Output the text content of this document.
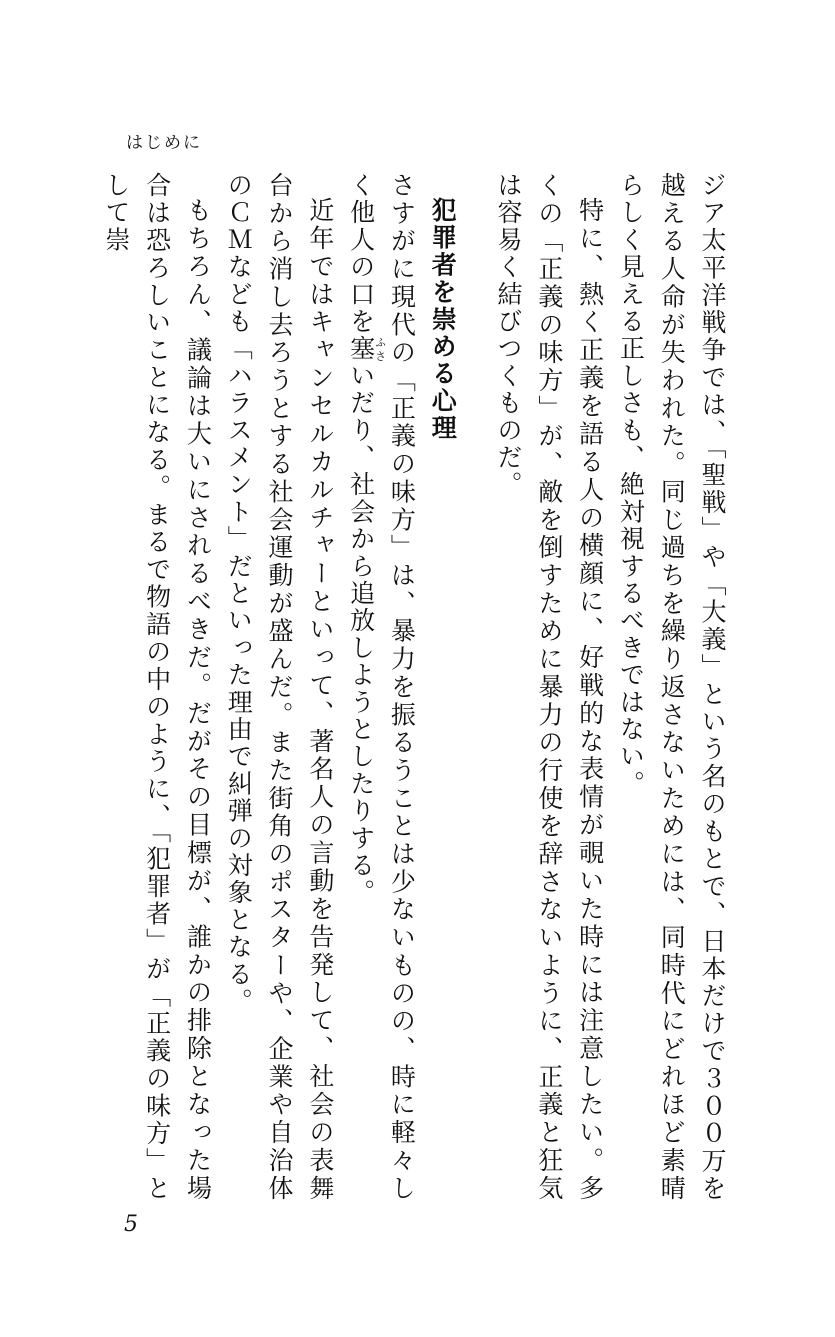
はじめに

ジア太平洋戦争では、「聖戦」や「大義」という名のもとで、日本だけで３００万を越える人命が失われた。同じ過ちを繰り返さないためには、同時代にどれほど素晴らしく見える正しさも、絶対視するべきではない。

特に、熱く正義を語る人の横顔に、好戦的な表情が覗いた時には注意したい。多くの「正義の味方」が、敵を倒すために暴力の行使を辞さないように、正義と狂気は容易く結びつくものだ。

犯罪者を崇める心理

さすがに現代の「正義の味方」は、暴力を振るうことは少ないものの、時に軽々しく他人の口を塞ふさいだり、社会から追放しようとしたりする。

近年ではキャンセルカルチャーといって、著名人の言動を告発して、社会の表舞台から消し去ろうとする社会運動が盛んだ。また街角のポスターや、企業や自治体のＣＭなども「ハラスメント」だといった理由で糾弾の対象となる。

もちろん、議論は大いにされるべきだ。だがその目標が、誰かの排除となった場合は恐ろしいことになる。まるで物語の中のように、「犯罪者」が「正義の味方」として崇

5
